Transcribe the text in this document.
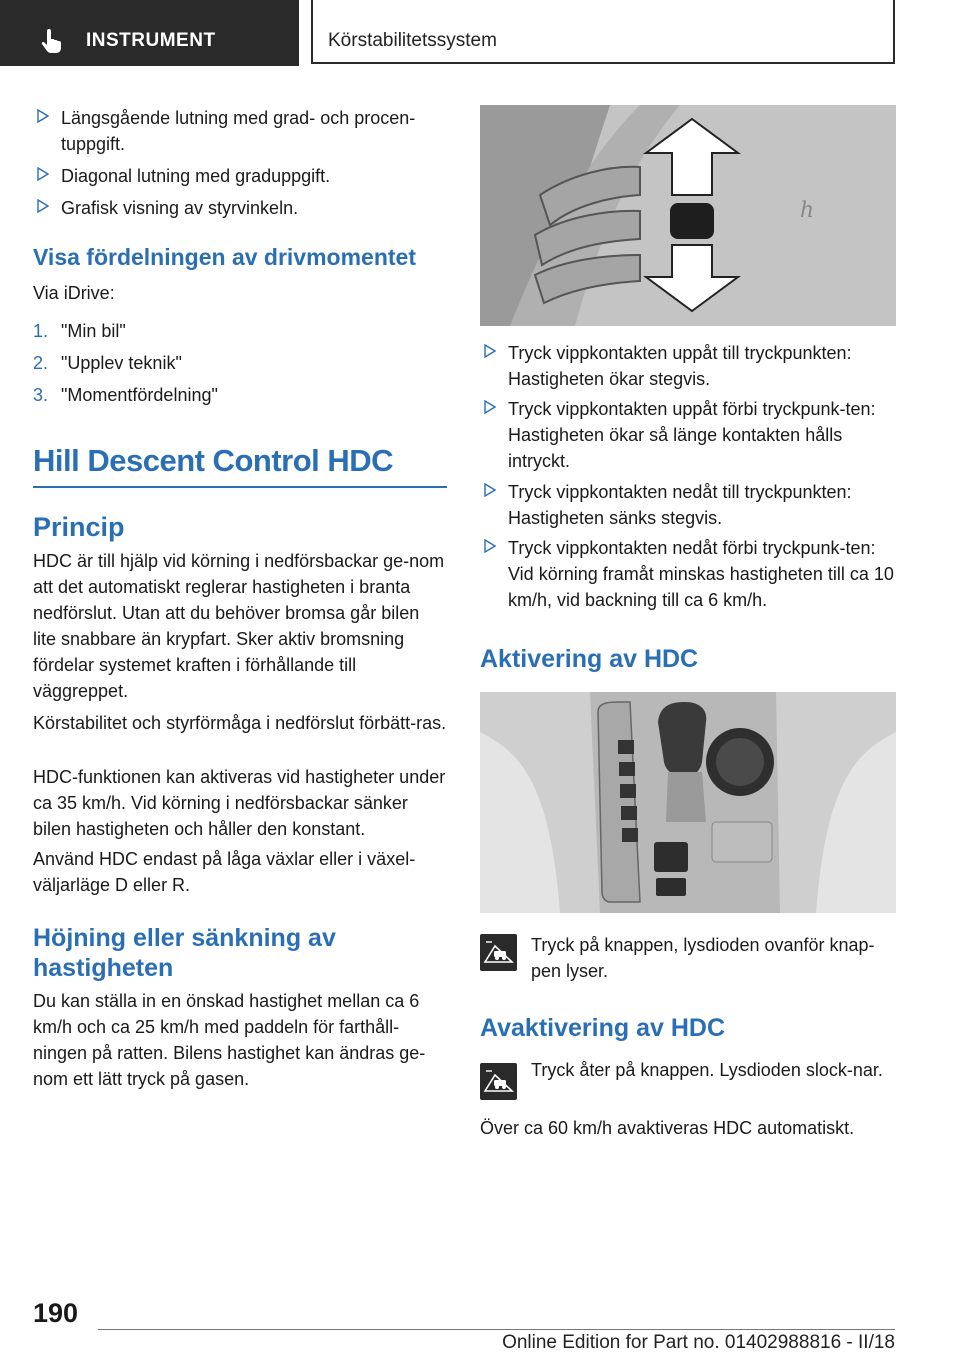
INSTRUMENT	Körstabilitetssystem
Längsgående lutning med grad- och procen-tuppgift.
Diagonal lutning med graduppgift.
Grafisk visning av styrvinkeln.
Visa fördelningen av drivmomentet

Via iDrive:

1. "Min bil"
2. "Upplev teknik"
3. "Momentfördelning"
Hill Descent Control HDC
Princip

HDC är till hjälp vid körning i nedförsbackar ge-nom att det automatiskt reglerar hastigheten i branta nedförslut. Utan att du behöver bromsa går bilen lite snabbare än krypfart. Sker aktiv bromsning fördelar systemet kraften i förhållande till väggreppet.

Körstabilitet och styrförmåga i nedförslut förbätt-ras.

HDC-funktionen kan aktiveras vid hastigheter under ca 35 km/h. Vid körning i nedförsbackar sänker bilen hastigheten och håller den konstant.

Använd HDC endast på låga växlar eller i växel-väljarläge D eller R.

Höjning eller sänkning av
hastigheten

Du kan ställa in en önskad hastighet mellan ca 6 km/h och ca 25 km/h med paddeln för farthåll-ningen på ratten. Bilens hastighet kan ändras ge-nom ett lätt tryck på gasen.

ℎ
Tryck vippkontakten uppåt till tryckpunkten: Hastigheten ökar stegvis.
Tryck vippkontakten uppåt förbi tryckpunk-ten: Hastigheten ökar så länge kontakten hålls intryckt.
Tryck vippkontakten nedåt till tryckpunkten: Hastigheten sänks stegvis.
Tryck vippkontakten nedåt förbi tryckpunk-ten: Vid körning framåt minskas hastigheten till ca 10 km/h, vid backning till ca 6 km/h.
Aktivering av HDC

Tryck på knappen, lysdioden ovanför knap-pen lyser.

Avaktivering av HDC

Tryck åter på knappen. Lysdioden slock-nar.

Över ca 60 km/h avaktiveras HDC automatiskt.

190
Online Edition for Part no. 01402988816 - II/18
